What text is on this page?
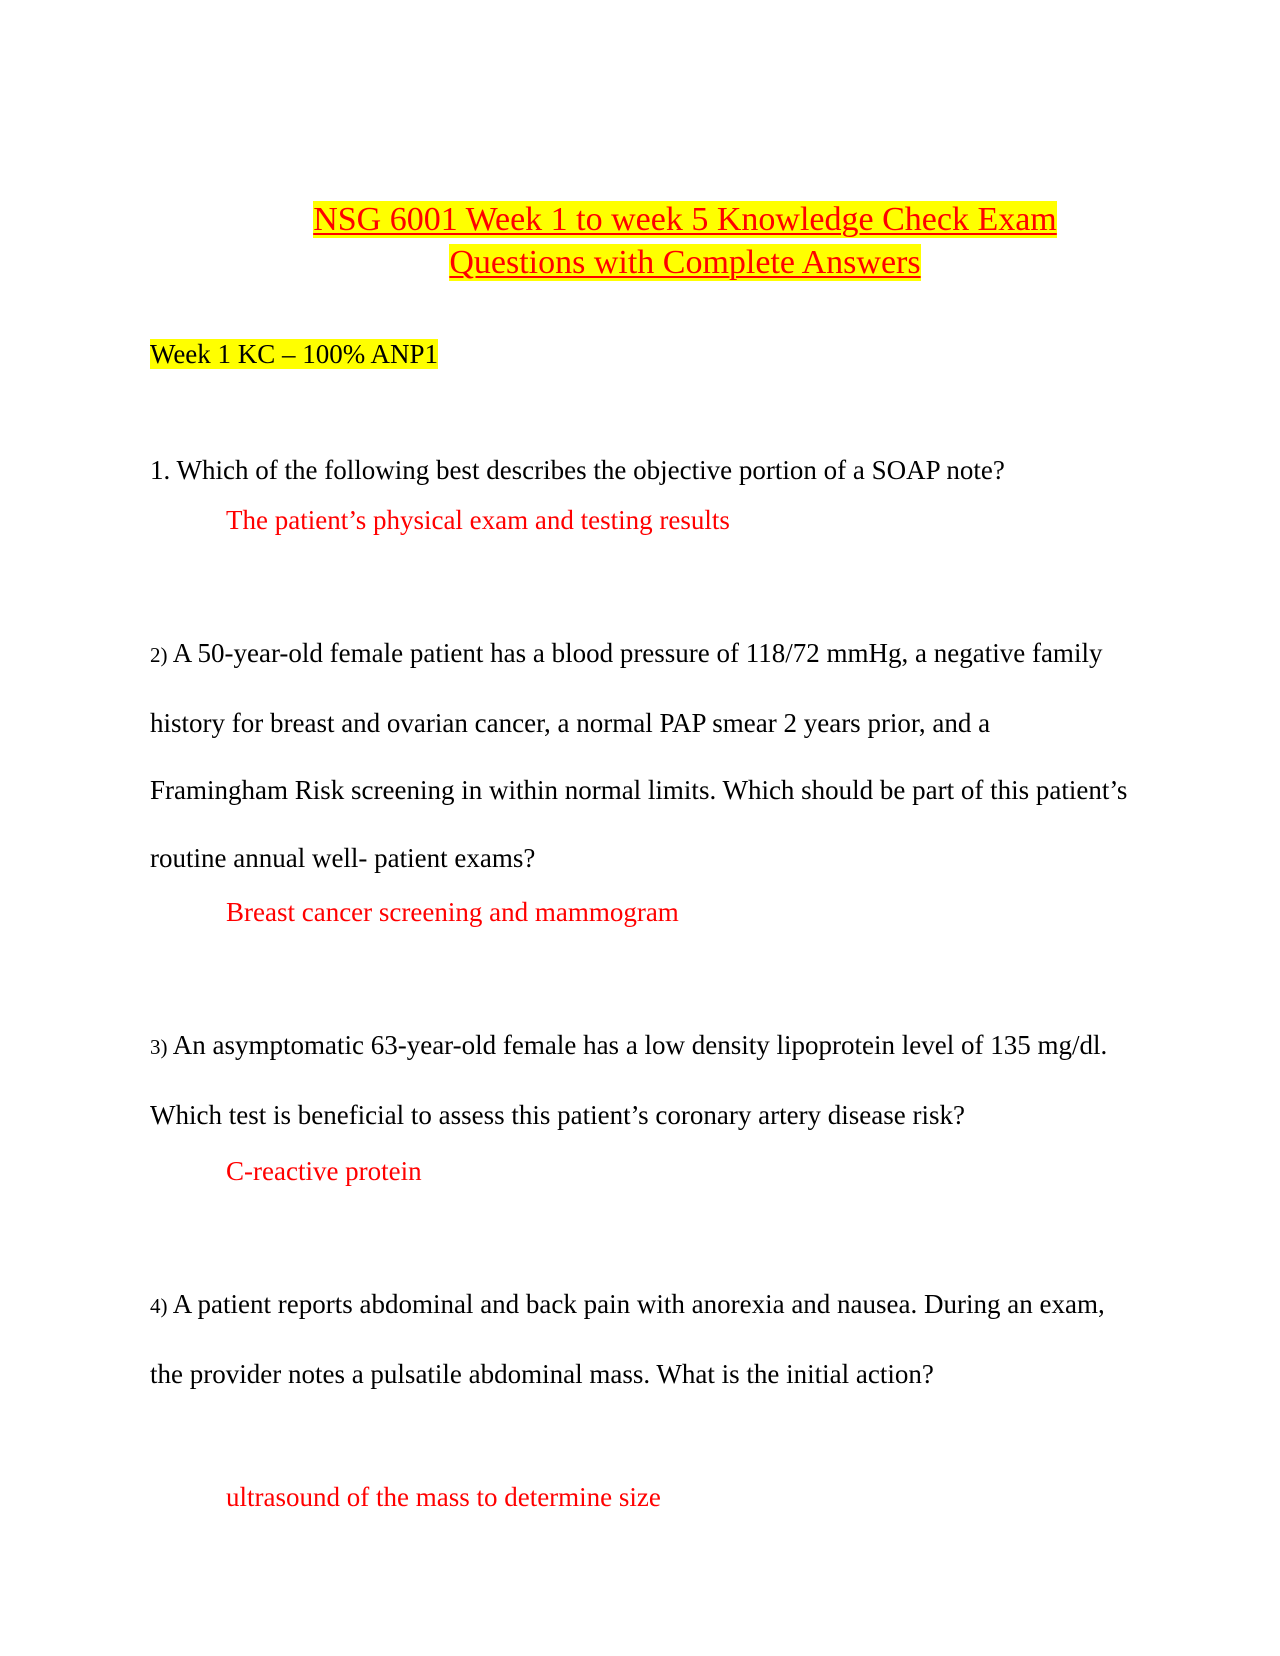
NSG 6001 Week 1 to week 5 Knowledge Check Exam
Questions with Complete Answers
Week 1 KC – 100% ANP1

1. Which of the following best describes the objective portion of a SOAP note?

The patient’s physical exam and testing results

2) A 50-year-old female patient has a blood pressure of 118/72 mmHg, a negative family history for breast and ovarian cancer, a normal PAP smear 2 years prior, and a Framingham Risk screening in within normal limits. Which should be part of this patient’s routine annual well- patient exams?

Breast cancer screening and mammogram

3) An asymptomatic 63-year-old female has a low density lipoprotein level of 135 mg/dl. Which test is beneficial to assess this patient’s coronary artery disease risk?

C-reactive protein

4) A patient reports abdominal and back pain with anorexia and nausea. During an exam, the provider notes a pulsatile abdominal mass. What is the initial action?

ultrasound of the mass to determine size
